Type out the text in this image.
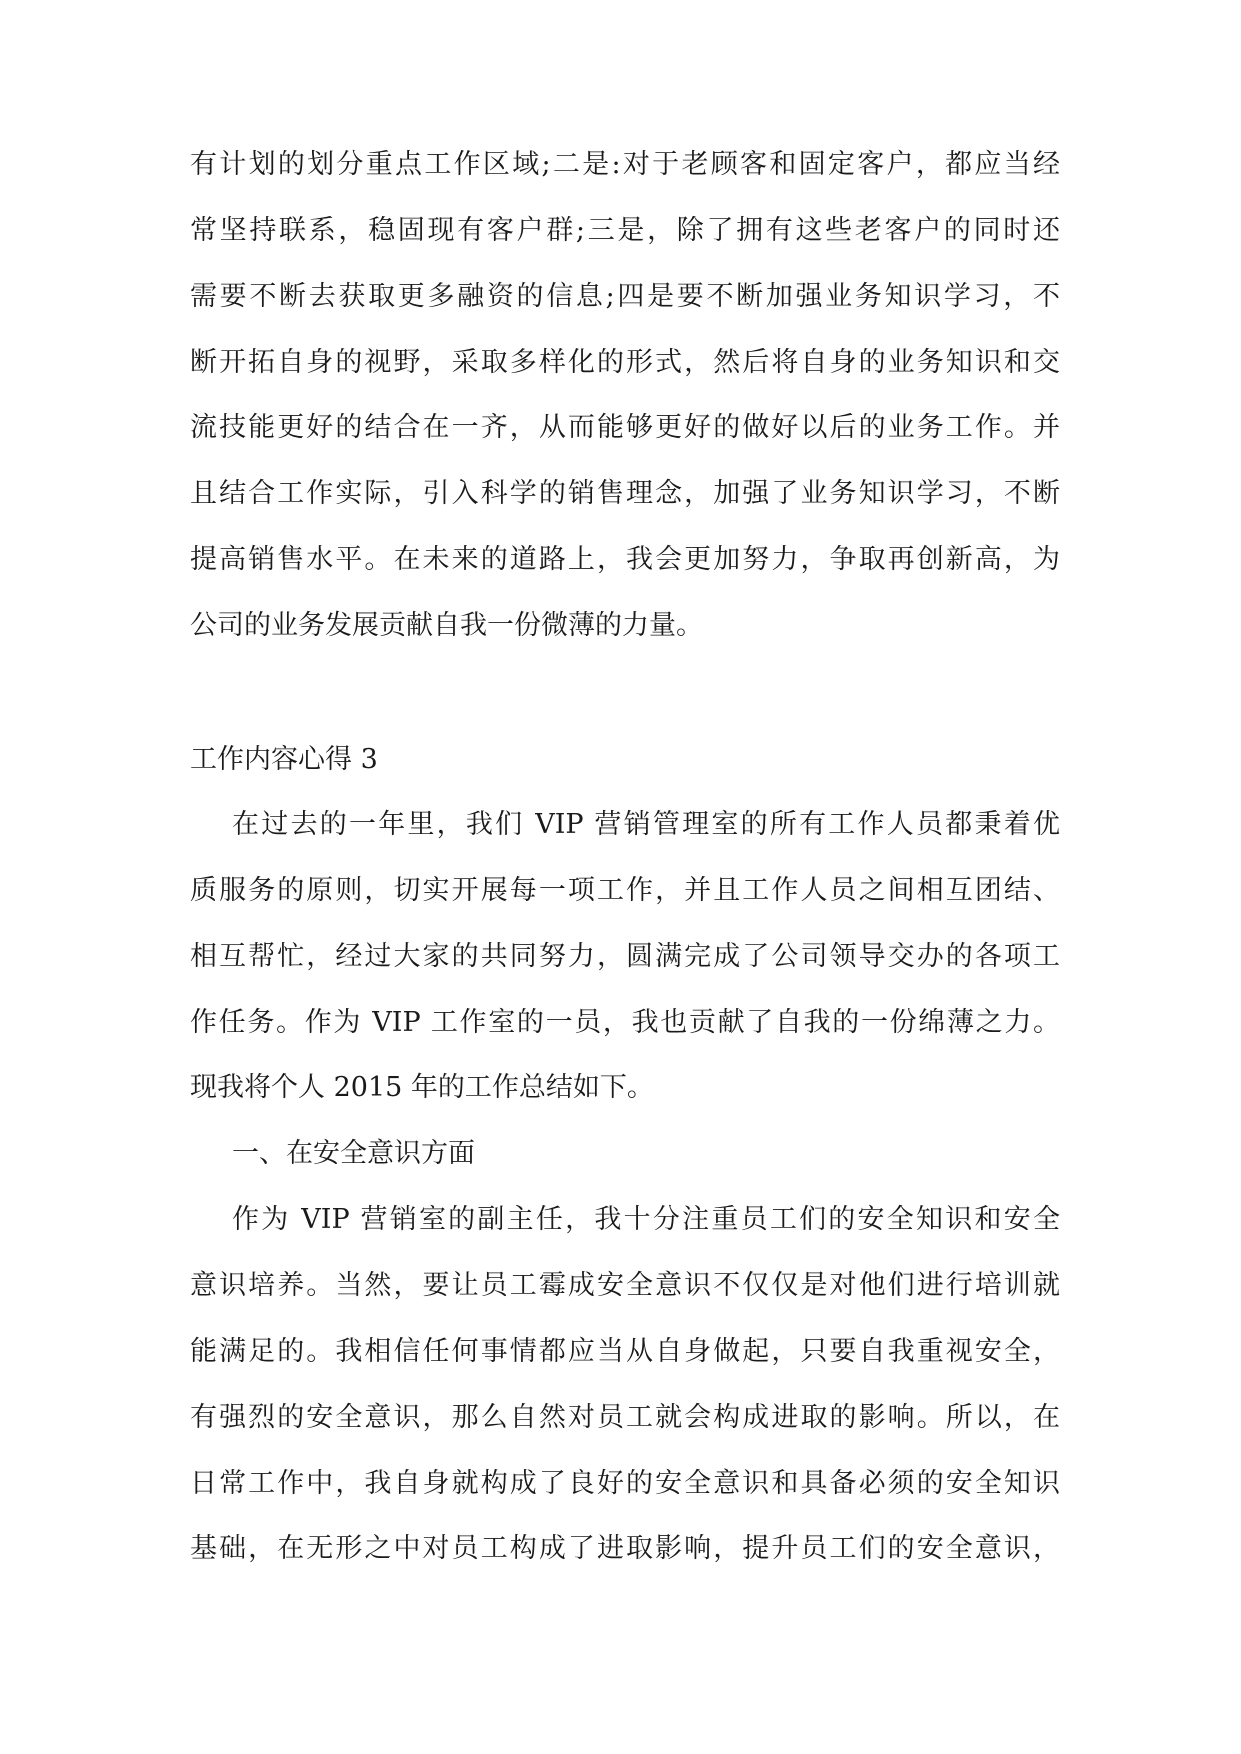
有计划的划分重点工作区域;二是:对于老顾客和固定客户，都应当经
常坚持联系，稳固现有客户群;三是，除了拥有这些老客户的同时还
需要不断去获取更多融资的信息;四是要不断加强业务知识学习，不
断开拓自身的视野，采取多样化的形式，然后将自身的业务知识和交
流技能更好的结合在一齐，从而能够更好的做好以后的业务工作。并
且结合工作实际，引入科学的销售理念，加强了业务知识学习，不断
提高销售水平。在未来的道路上，我会更加努力，争取再创新高，为
公司的业务发展贡献自我一份微薄的力量。
工作内容心得 3
在过去的一年里，我们 VIP 营销管理室的所有工作人员都秉着优
质服务的原则，切实开展每一项工作，并且工作人员之间相互团结、
相互帮忙，经过大家的共同努力，圆满完成了公司领导交办的各项工
作任务。作为 VIP 工作室的一员，我也贡献了自我的一份绵薄之力。
现我将个人 2015 年的工作总结如下。
一、在安全意识方面
作为 VIP 营销室的副主任，我十分注重员工们的安全知识和安全
意识培养。当然，要让员工霉成安全意识不仅仅是对他们进行培训就
能满足的。我相信任何事情都应当从自身做起，只要自我重视安全，
有强烈的安全意识，那么自然对员工就会构成进取的影响。所以，在
日常工作中，我自身就构成了良好的安全意识和具备必须的安全知识
基础，在无形之中对员工构成了进取影响，提升员工们的安全意识，
